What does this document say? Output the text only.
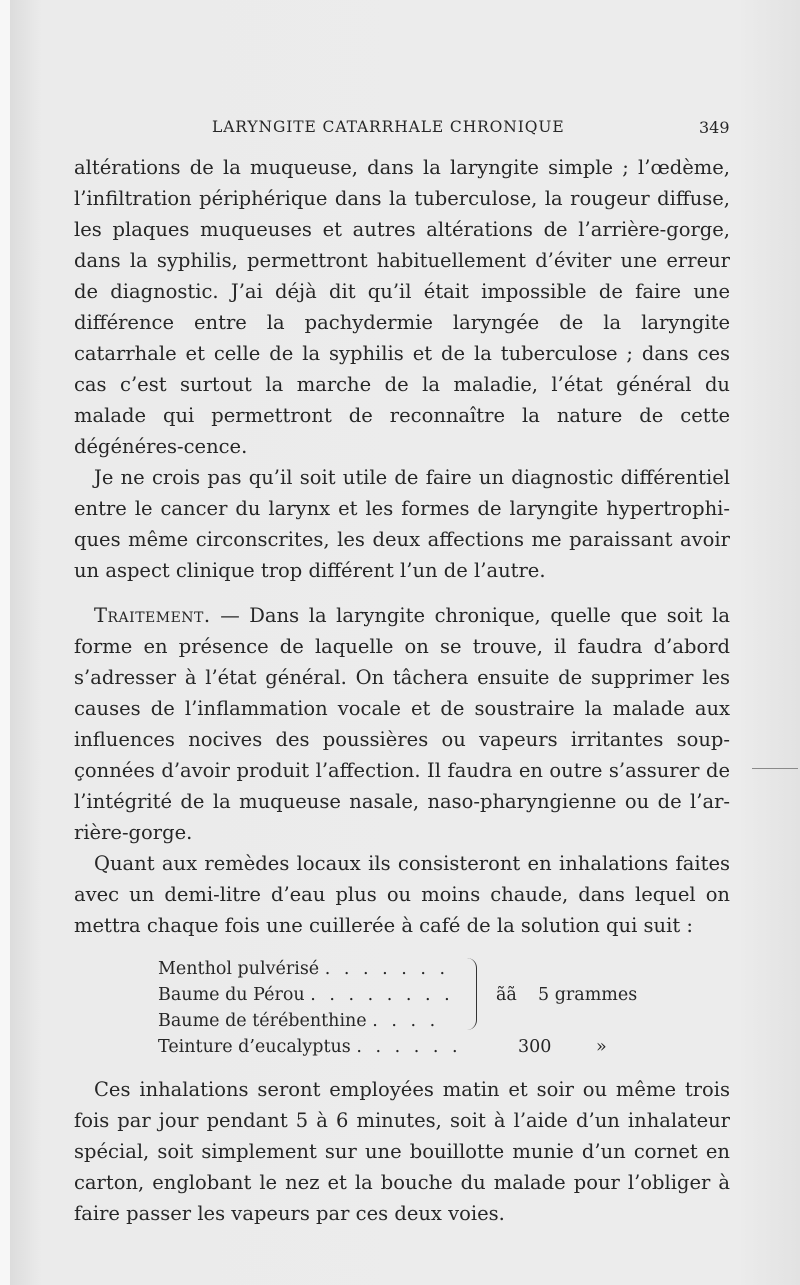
LARYNGITE CATARRHALE CHRONIQUE	349

altérations de la muqueuse, dans la laryngite simple ; l’œdème, l’infiltration périphérique dans la tuberculose, la rougeur diffuse, les plaques muqueuses et autres altérations de l’arrière-gorge, dans la syphilis, permettront habituellement d’éviter une erreur de diagnostic. J’ai déjà dit qu’il était impossible de faire une différence entre la pachydermie laryngée de la laryngite catarrhale et celle de la syphilis et de la tuberculose ; dans ces cas c’est surtout la marche de la maladie, l’état général du malade qui permettront de reconnaître la nature de cette dégénéres-cence.

Je ne crois pas qu’il soit utile de faire un diagnostic différentiel entre le cancer du larynx et les formes de laryngite hypertrophi-ques même circonscrites, les deux affections me paraissant avoir un aspect clinique trop différent l’un de l’autre.

Traitement. — Dans la laryngite chronique, quelle que soit la forme en présence de laquelle on se trouve, il faudra d’abord s’adresser à l’état général. On tâchera ensuite de supprimer les causes de l’inflammation vocale et de soustraire la malade aux influences nocives des poussières ou vapeurs irritantes soup-çonnées d’avoir produit l’affection. Il faudra en outre s’assurer de l’intégrité de la muqueuse nasale, naso-pharyngienne ou de l’ar-rière-gorge.

Quant aux remèdes locaux ils consisteront en inhalations faites avec un demi-litre d’eau plus ou moins chaude, dans lequel on mettra chaque fois une cuillerée à café de la solution qui suit :

Menthol pulvérisé . . . . . . .
Baume du Pérou . . . . . . . .
Baume de térébenthine . . . .
Teinture d’eucalyptus . . . . . .
ãã 5 grammes
300	»

Ces inhalations seront employées matin et soir ou même trois fois par jour pendant 5 à 6 minutes, soit à l’aide d’un inhalateur spécial, soit simplement sur une bouillotte munie d’un cornet en carton, englobant le nez et la bouche du malade pour l’obliger à faire passer les vapeurs par ces deux voies.
